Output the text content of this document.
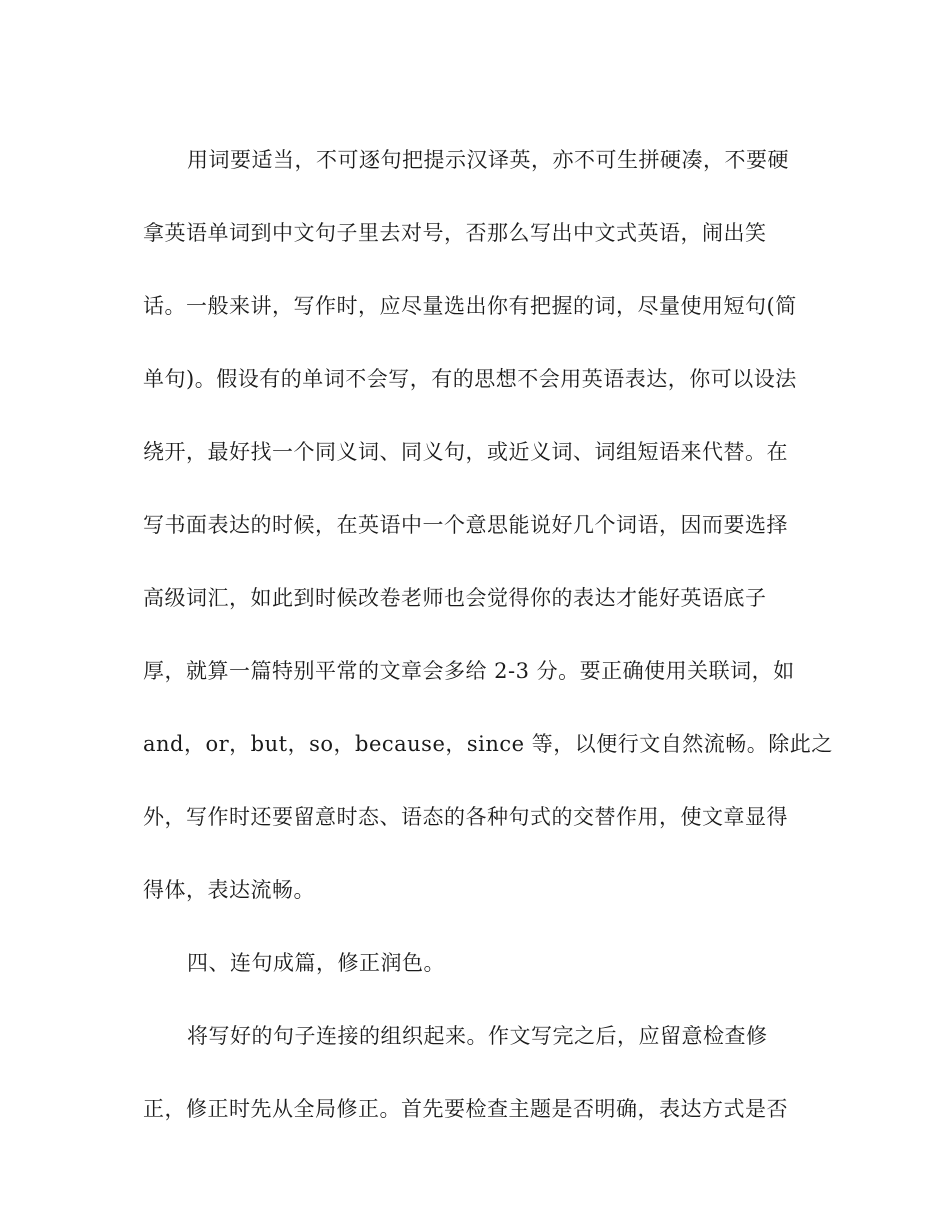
用词要适当，不可逐句把提示汉译英，亦不可生拼硬凑，不要硬
拿英语单词到中文句子里去对号，否那么写出中文式英语，闹出笑
话。一般来讲，写作时，应尽量选出你有把握的词，尽量使用短句(简
单句)。假设有的单词不会写，有的思想不会用英语表达，你可以设法
绕开，最好找一个同义词、同义句，或近义词、词组短语来代替。在
写书面表达的时候，在英语中一个意思能说好几个词语，因而要选择
高级词汇，如此到时候改卷老师也会觉得你的表达才能好英语底子
厚，就算一篇特别平常的文章会多给 2-3 分。要正确使用关联词，如
and，or，but，so，because，since 等，以便行文自然流畅。除此之
外，写作时还要留意时态、语态的各种句式的交替作用，使文章显得
得体，表达流畅。
四、连句成篇，修正润色。
将写好的句子连接的组织起来。作文写完之后，应留意检查修
正，修正时先从全局修正。首先要检查主题是否明确，表达方式是否
